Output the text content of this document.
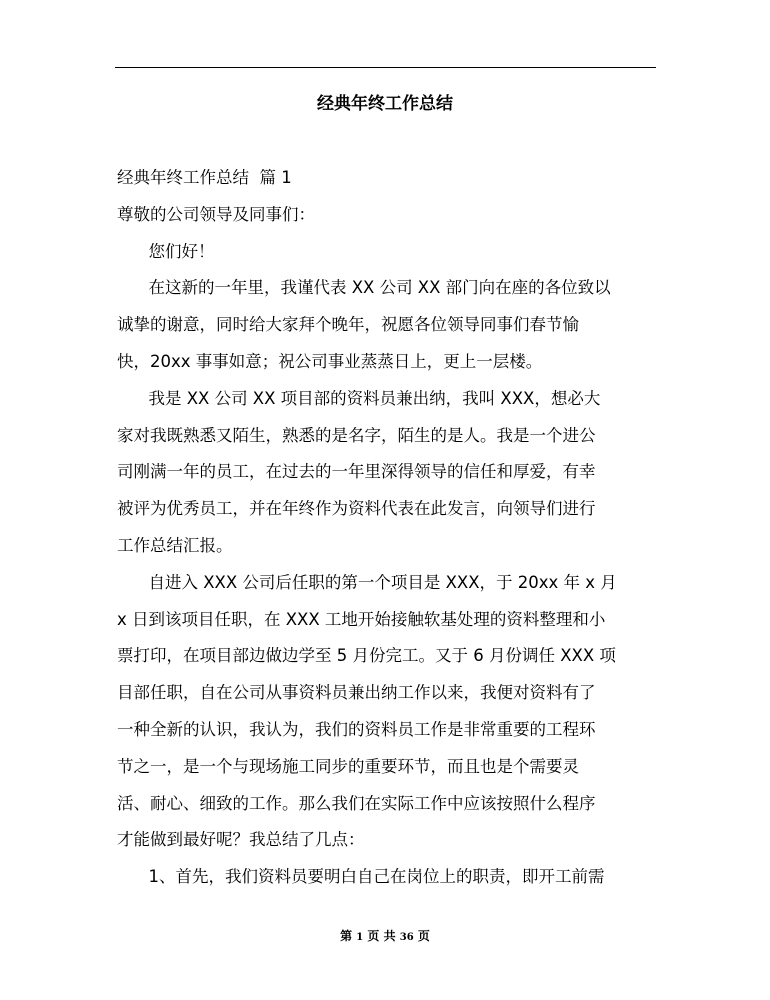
经典年终工作总结
经典年终工作总结  篇 1
尊敬的公司领导及同事们：
您们好！
在这新的一年里，我谨代表 XX 公司 XX 部门向在座的各位致以
诚挚的谢意，同时给大家拜个晚年，祝愿各位领导同事们春节愉
快，20xx 事事如意；祝公司事业蒸蒸日上，更上一层楼。
我是 XX 公司 XX 项目部的资料员兼出纳，我叫 XXX，想必大
家对我既熟悉又陌生，熟悉的是名字，陌生的是人。我是一个进公
司刚满一年的员工，在过去的一年里深得领导的信任和厚爱，有幸
被评为优秀员工，并在年终作为资料代表在此发言，向领导们进行
工作总结汇报。
自进入 XXX 公司后任职的第一个项目是 XXX，于 20xx 年 x 月
x 日到该项目任职，在 XXX 工地开始接触软基处理的资料整理和小
票打印，在项目部边做边学至 5 月份完工。又于 6 月份调任 XXX 项
目部任职，自在公司从事资料员兼出纳工作以来，我便对资料有了
一种全新的认识，我认为，我们的资料员工作是非常重要的工程环
节之一，是一个与现场施工同步的重要环节，而且也是个需要灵
活、耐心、细致的工作。那么我们在实际工作中应该按照什么程序
才能做到最好呢？我总结了几点：
1、首先，我们资料员要明白自己在岗位上的职责，即开工前需
第 1 页 共 36 页
